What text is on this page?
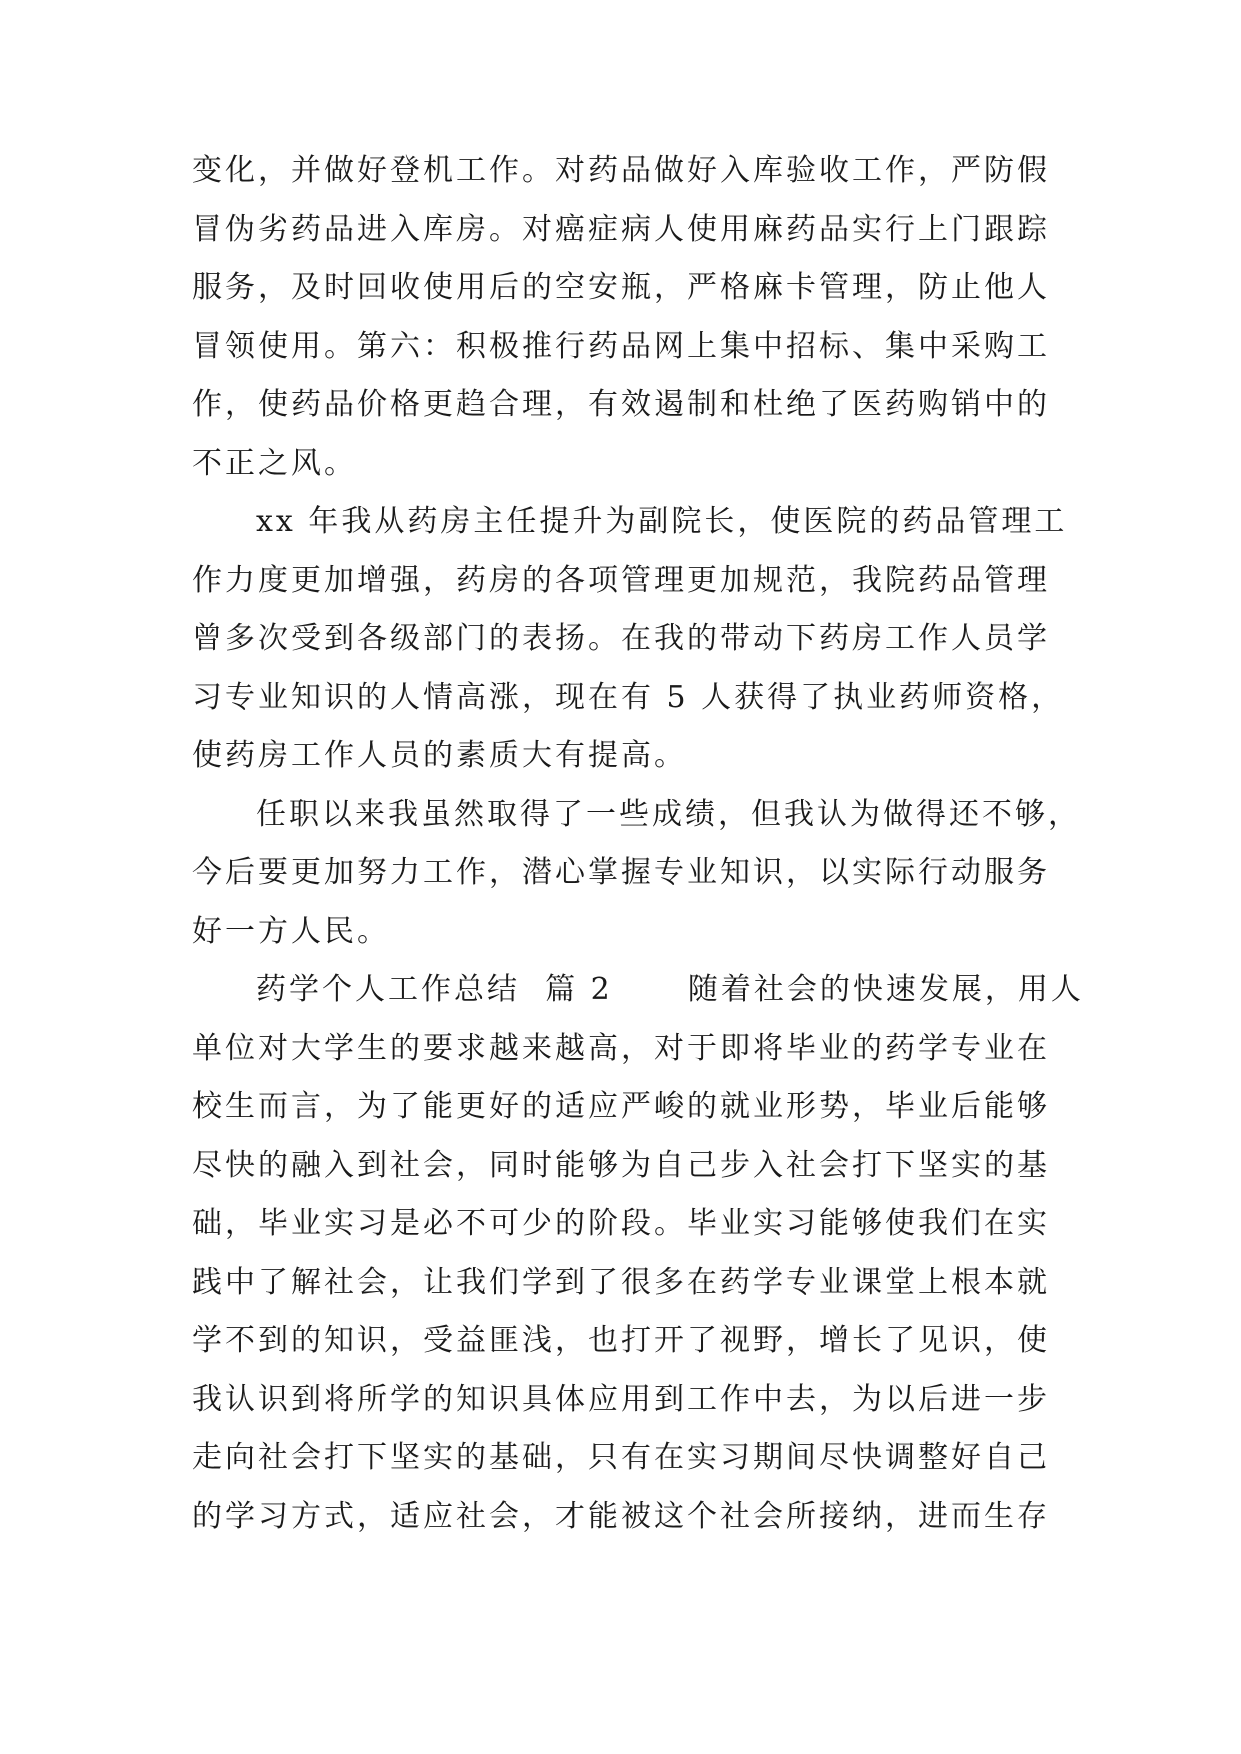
变化，并做好登机工作。对药品做好入库验收工作，严防假
冒伪劣药品进入库房。对癌症病人使用麻药品实行上门跟踪
服务，及时回收使用后的空安瓶，严格麻卡管理，防止他人
冒领使用。第六：积极推行药品网上集中招标、集中采购工
作，使药品价格更趋合理，有效遏制和杜绝了医药购销中的
不正之风。
xx 年我从药房主任提升为副院长，使医院的药品管理工
作力度更加增强，药房的各项管理更加规范，我院药品管理
曾多次受到各级部门的表扬。在我的带动下药房工作人员学
习专业知识的人情高涨，现在有 5 人获得了执业药师资格，
使药房工作人员的素质大有提高。
任职以来我虽然取得了一些成绩，但我认为做得还不够，
今后要更加努力工作，潜心掌握专业知识，以实际行动服务
好一方人民。
药学个人工作总结  篇 2      随着社会的快速发展，用人
单位对大学生的要求越来越高，对于即将毕业的药学专业在
校生而言，为了能更好的适应严峻的就业形势，毕业后能够
尽快的融入到社会，同时能够为自己步入社会打下坚实的基
础，毕业实习是必不可少的阶段。毕业实习能够使我们在实
践中了解社会，让我们学到了很多在药学专业课堂上根本就
学不到的知识，受益匪浅，也打开了视野，增长了见识，使
我认识到将所学的知识具体应用到工作中去，为以后进一步
走向社会打下坚实的基础，只有在实习期间尽快调整好自己
的学习方式，适应社会，才能被这个社会所接纳，进而生存
